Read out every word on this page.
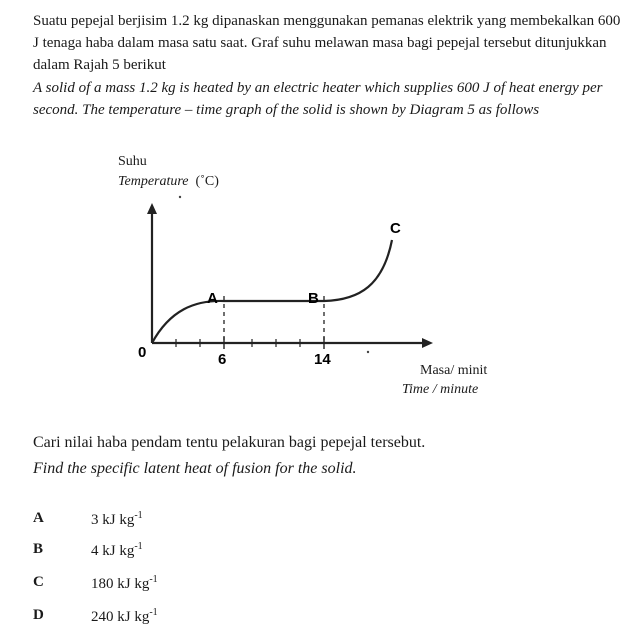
Suatu pepejal berjisim 1.2 kg dipanaskan menggunakan pemanas elektrik yang membekalkan 600 J tenaga haba dalam masa satu saat. Graf suhu melawan masa bagi pepejal tersebut ditunjukkan dalam Rajah 5 berikut

A solid of a mass 1.2 kg is heated by an electric heater which supplies 600 J of heat energy per second. The temperature – time graph of the solid is shown by Diagram 5 as follows

Suhu
Temperature (˚C)
Masa/ minit
Time / minute
A	B
C
0	6	14

Cari nilai haba pendam tentu pelakuran bagi pepejal tersebut.

Find the specific latent heat of fusion for the solid.

A	3 kJ $kg^{-1}$
B	4 kJ $kg^{-1}$
C	180 kJ $kg^{-1}$
D	240 kJ $kg^{-1}$
